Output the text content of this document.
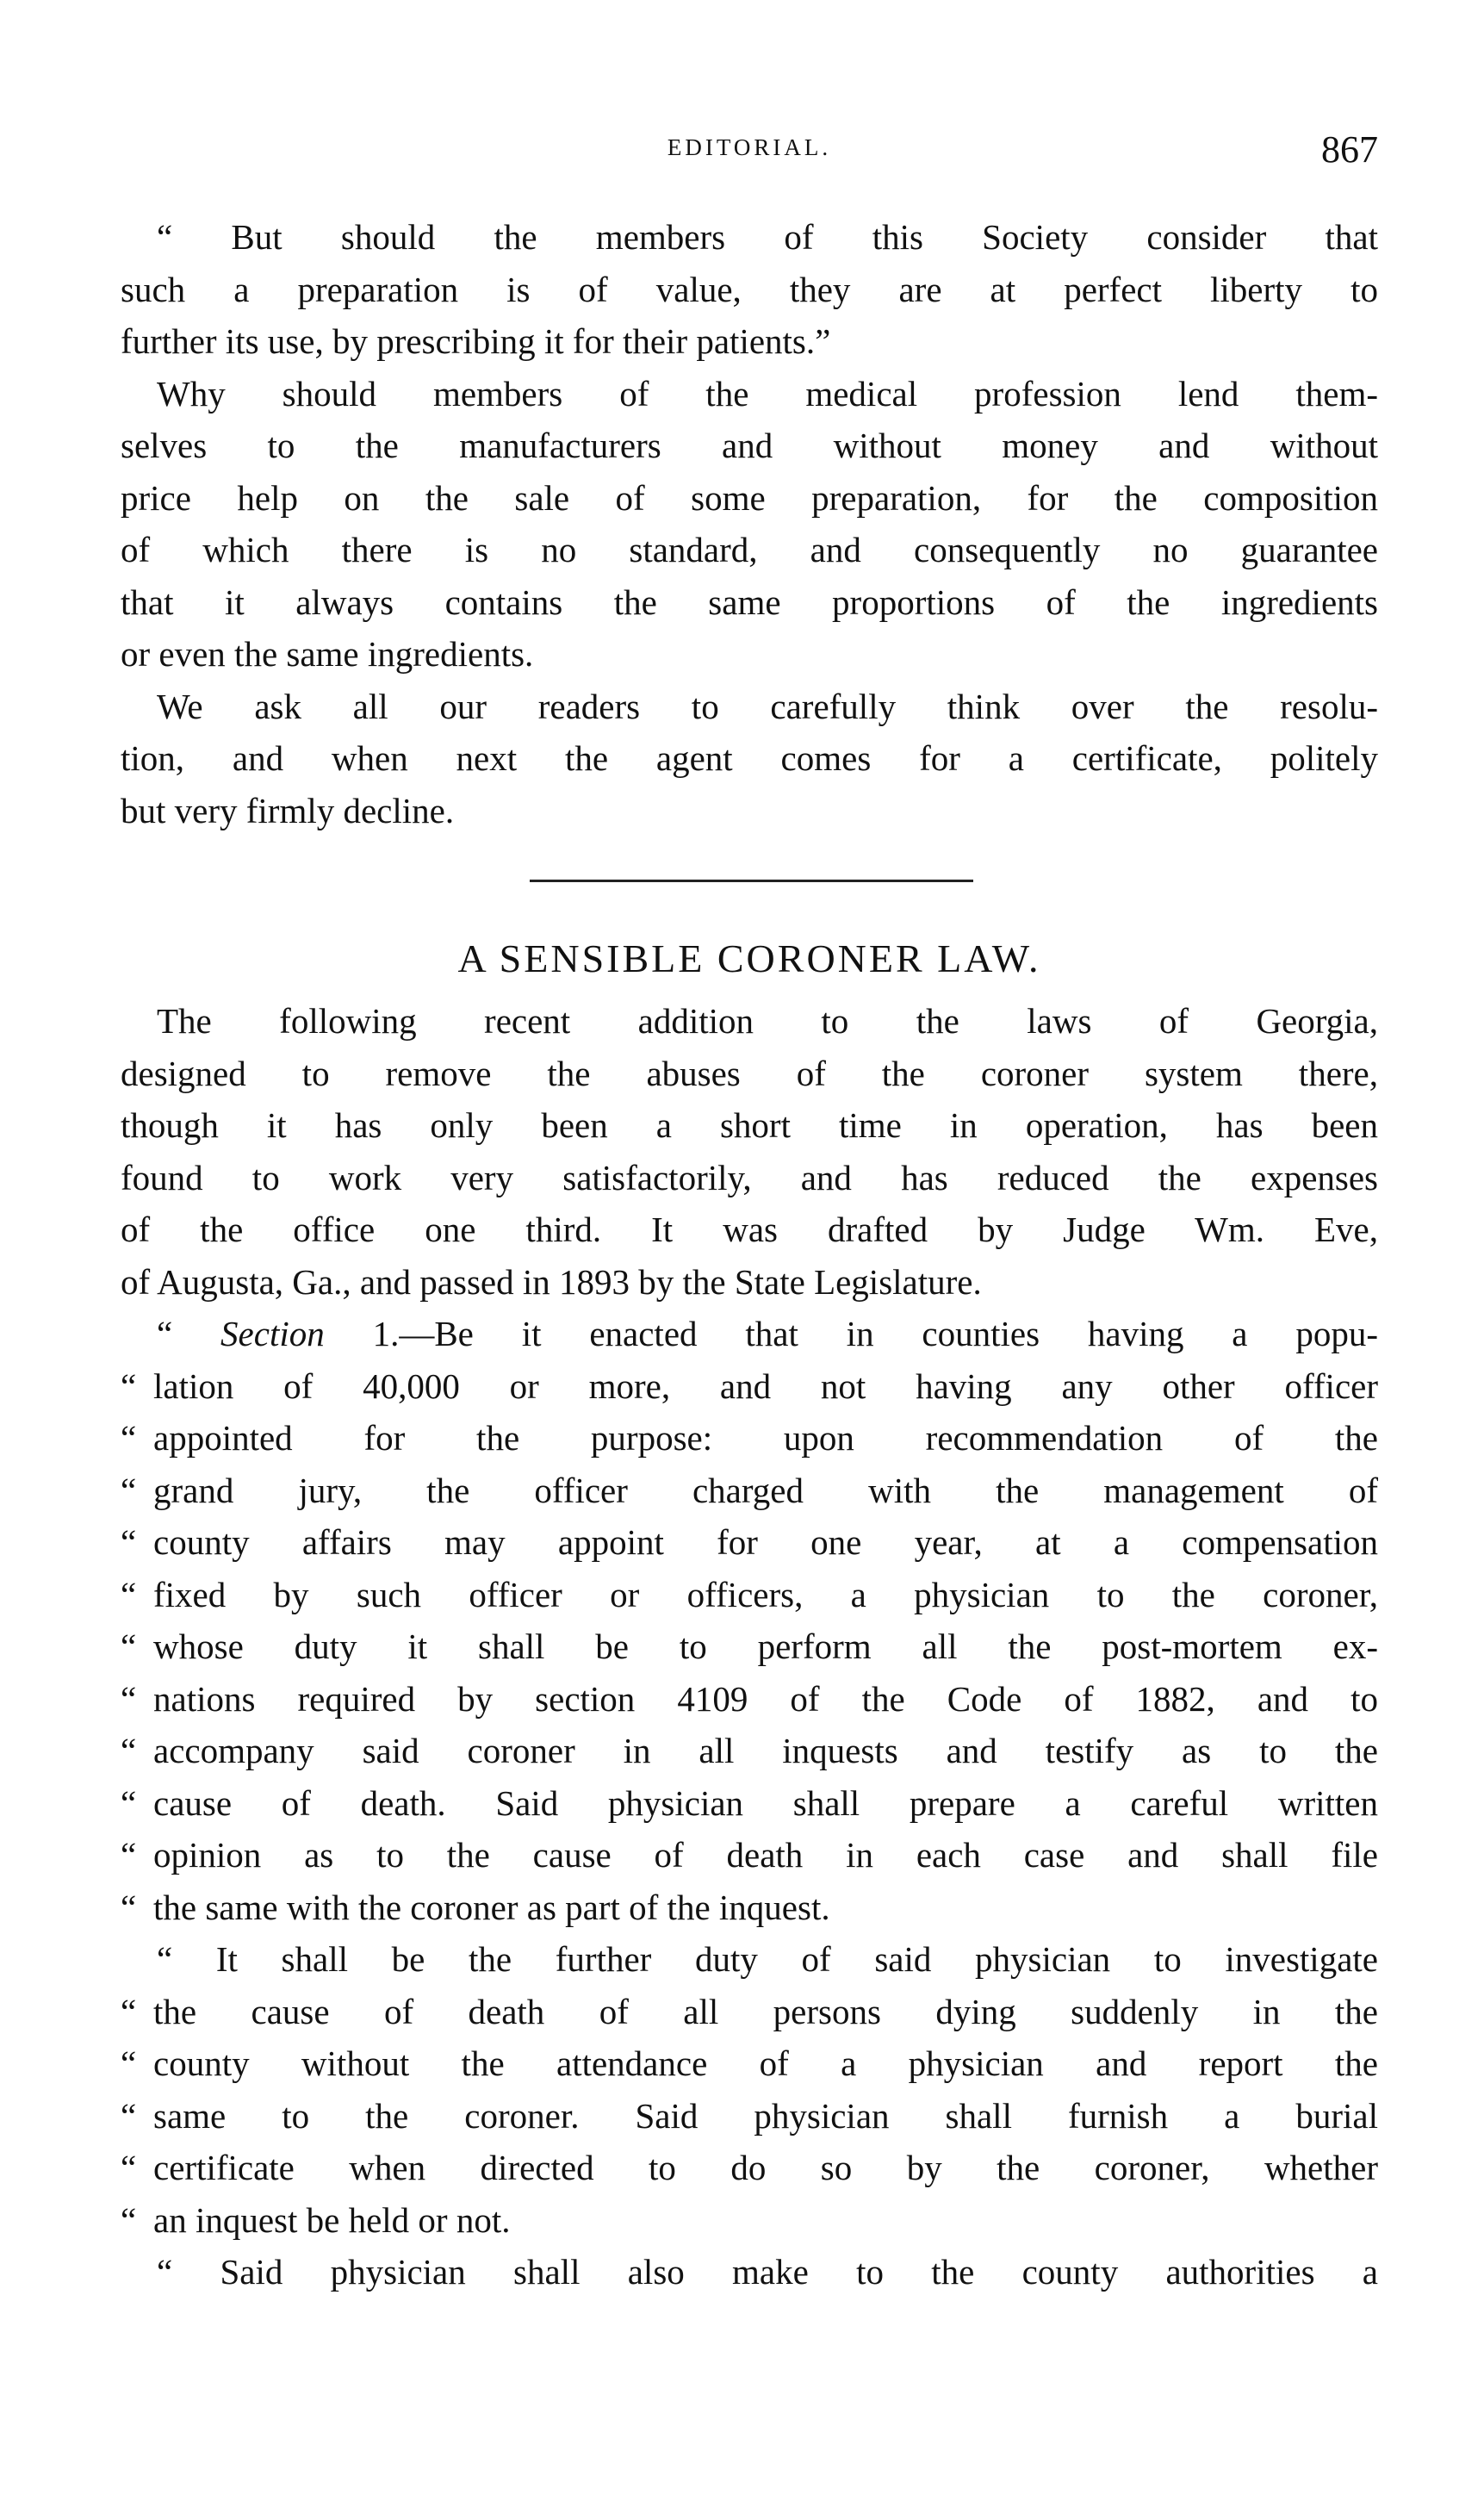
EDITORIAL.	867
“ But should the members of this Society consider that
such a preparation is of value, they are at perfect liberty to
further its use, by prescribing it for their patients.”
Why should members of the medical profession lend them-
selves to the manufacturers and without money and without
price help on the sale of some preparation, for the composition
of which there is no standard, and consequently no guarantee
that it always contains the same proportions of the ingredients
or even the same ingredients.
We ask all our readers to carefully think over the resolu-
tion, and when next the agent comes for a certificate, politely
but very firmly decline.
A SENSIBLE CORONER LAW.
The following recent addition to the laws of Georgia,
designed to remove the abuses of the coroner system there,
though it has only been a short time in operation, has been
found to work very satisfactorily, and has reduced the expenses
of the office one third. It was drafted by Judge Wm. Eve,
of Augusta, Ga., and passed in 1893 by the State Legislature.
“ Section 1.—Be it enacted that in counties having a popu-
“ lation of 40,000 or more, and not having any other officer
“ appointed for the purpose: upon recommendation of the
“ grand jury, the officer charged with the management of
“ county affairs may appoint for one year, at a compensation
“ fixed by such officer or officers, a physician to the coroner,
“ whose duty it shall be to perform all the post-mortem ex-
“ nations required by section 4109 of the Code of 1882, and to
“ accompany said coroner in all inquests and testify as to the
“ cause of death. Said physician shall prepare a careful written
“ opinion as to the cause of death in each case and shall file
“ the same with the coroner as part of the inquest.
“ It shall be the further duty of said physician to investigate
“ the cause of death of all persons dying suddenly in the
“ county without the attendance of a physician and report the
“ same to the coroner. Said physician shall furnish a burial
“ certificate when directed to do so by the coroner, whether
“ an inquest be held or not.
“ Said physician shall also make to the county authorities a
